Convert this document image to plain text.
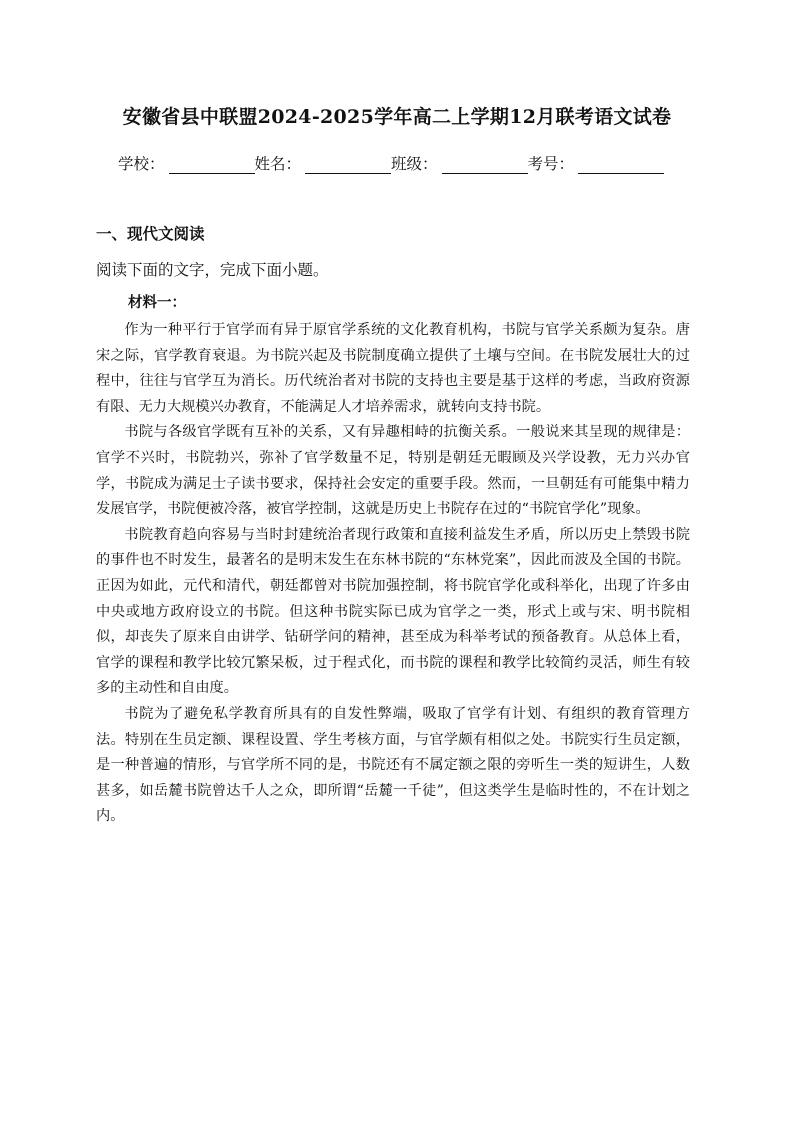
安徽省县中联盟2024-2025学年高二上学期12月联考语文试卷
学校：	姓名：	班级：	考号：
一、现代文阅读
阅读下面的文字，完成下面小题。
材料一：

作为一种平行于官学而有异于原官学系统的文化教育机构，书院与官学关系颇为复杂。唐宋之际，官学教育衰退。为书院兴起及书院制度确立提供了土壤与空间。在书院发展壮大的过程中，往往与官学互为消长。历代统治者对书院的支持也主要是基于这样的考虑，当政府资源有限、无力大规模兴办教育，不能满足人才培养需求，就转向支持书院。

书院与各级官学既有互补的关系，又有异趣相峙的抗衡关系。一般说来其呈现的规律是：官学不兴时，书院勃兴，弥补了官学数量不足，特别是朝廷无暇顾及兴学设教，无力兴办官学，书院成为满足士子读书要求，保持社会安定的重要手段。然而，一旦朝廷有可能集中精力发展官学，书院便被冷落，被官学控制，这就是历史上书院存在过的“书院官学化”现象。

书院教育趋向容易与当时封建统治者现行政策和直接利益发生矛盾，所以历史上禁毁书院的事件也不时发生，最著名的是明末发生在东林书院的“东林党案”，因此而波及全国的书院。正因为如此，元代和清代，朝廷都曾对书院加强控制，将书院官学化或科举化，出现了许多由中央或地方政府设立的书院。但这种书院实际已成为官学之一类，形式上或与宋、明书院相似，却丧失了原来自由讲学、钻研学问的精神，甚至成为科举考试的预备教育。从总体上看，官学的课程和教学比较冗繁呆板，过于程式化，而书院的课程和教学比较简约灵活，师生有较多的主动性和自由度。

书院为了避免私学教育所具有的自发性弊端，吸取了官学有计划、有组织的教育管理方法。特别在生员定额、课程设置、学生考核方面，与官学颇有相似之处。书院实行生员定额，是一种普遍的情形，与官学所不同的是，书院还有不属定额之限的旁听生一类的短讲生，人数甚多，如岳麓书院曾达千人之众，即所谓“岳麓一千徒”，但这类学生是临时性的，不在计划之内。
